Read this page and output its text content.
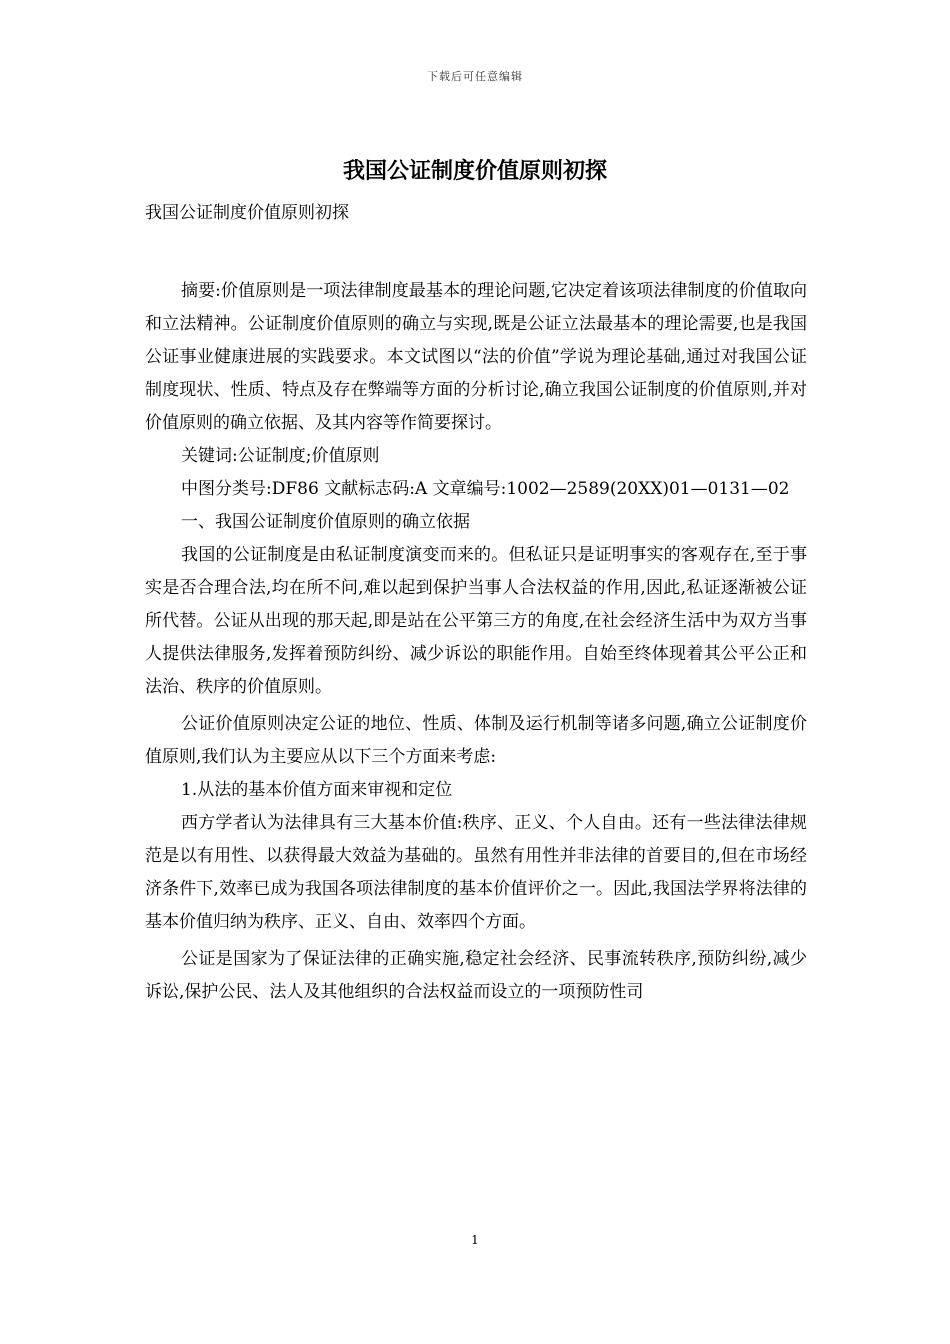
下载后可任意编辑
我国公证制度价值原则初探

我国公证制度价值原则初探

摘要:价值原则是一项法律制度最基本的理论问题,它决定着该项法律制度的价值取向和立法精神。公证制度价值原则的确立与实现,既是公证立法最基本的理论需要,也是我国公证事业健康进展的实践要求。本文试图以“法的价值”学说为理论基础,通过对我国公证制度现状、性质、特点及存在弊端等方面的分析讨论,确立我国公证制度的价值原则,并对价值原则的确立依据、及其内容等作简要探讨。

关键词:公证制度;价值原则

中图分类号:DF86 文献标志码:A 文章编号:1002—2589(20XX)01—0131—02

一、我国公证制度价值原则的确立依据

我国的公证制度是由私证制度演变而来的。但私证只是证明事实的客观存在,至于事实是否合理合法,均在所不问,难以起到保护当事人合法权益的作用,因此,私证逐渐被公证所代替。公证从出现的那天起,即是站在公平第三方的角度,在社会经济生活中为双方当事人提供法律服务,发挥着预防纠纷、减少诉讼的职能作用。自始至终体现着其公平公正和法治、秩序的价值原则。

公证价值原则决定公证的地位、性质、体制及运行机制等诸多问题,确立公证制度价值原则,我们认为主要应从以下三个方面来考虑:

1.从法的基本价值方面来审视和定位

西方学者认为法律具有三大基本价值:秩序、正义、个人自由。还有一些法律法律规范是以有用性、以获得最大效益为基础的。虽然有用性并非法律的首要目的,但在市场经济条件下,效率已成为我国各项法律制度的基本价值评价之一。因此,我国法学界将法律的基本价值归纳为秩序、正义、自由、效率四个方面。

公证是国家为了保证法律的正确实施,稳定社会经济、民事流转秩序,预防纠纷,减少诉讼,保护公民、法人及其他组织的合法权益而设立的一项预防性司

1
